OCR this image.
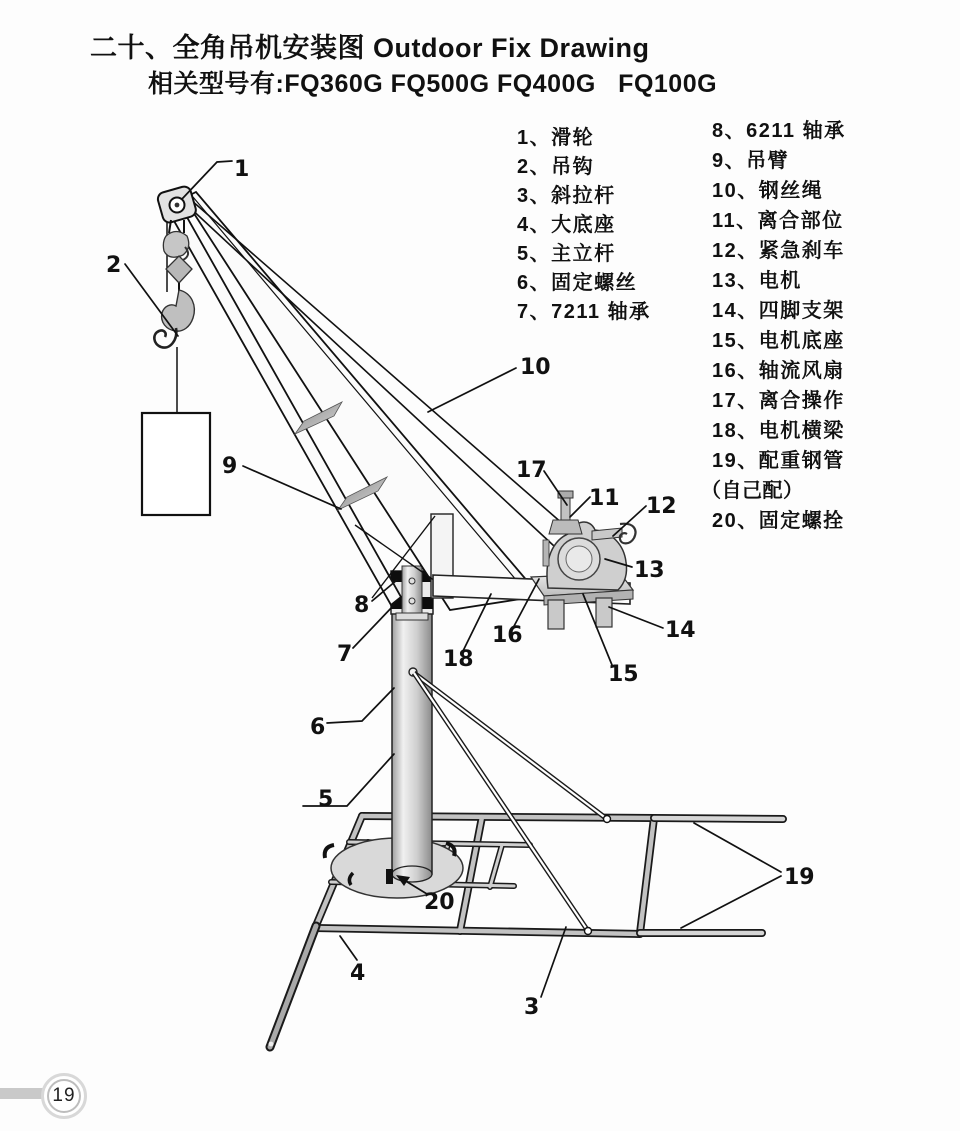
二十、全角吊机安装图 Outdoor Fix Drawing
相关型号有:FQ360G FQ500G FQ400G   FQ100G
1、滑轮
2、吊钩
3、斜拉杆
4、大底座
5、主立杆
6、固定螺丝
7、7211 轴承
8、6211 轴承
9、吊臂
10、钢丝绳
11、离合部位
12、紧急刹车
13、电机
14、四脚支架
15、电机底座
16、轴流风扇
17、离合操作
18、电机横梁
19、配重钢管
（自己配）
20、固定螺拴
1
2
3
4
5
6
7
8
9
10
11 12
13
14
15
16
17
18
19
20
19
